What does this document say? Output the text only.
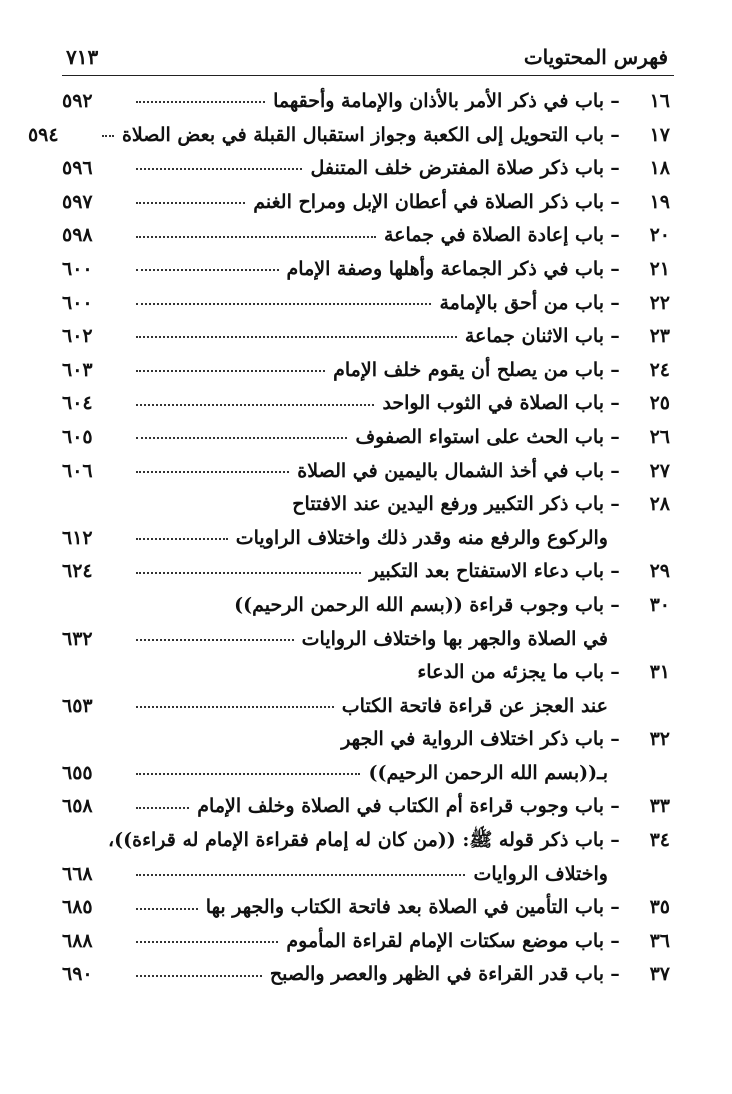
فهرس المحتويات
٧١٣
١٦
–
باب في ذكر الأمر بالأذان والإمامة وأحقهما
٥٩٢
١٧
–
باب التحويل إلى الكعبة وجواز استقبال القبلة في بعض الصلاة
٥٩٤
١٨
–
باب ذكر صلاة المفترض خلف المتنفل
٥٩٦
١٩
–
باب ذكر الصلاة في أعطان الإبل ومراح الغنم
٥٩٧
٢٠
–
باب إعادة الصلاة في جماعة
٥٩٨
٢١
–
باب في ذكر الجماعة وأهلها وصفة الإمام
٦٠٠
٢٢
–
باب من أحق بالإمامة
٦٠٠
٢٣
–
باب الاثنان جماعة
٦٠٢
٢٤
–
باب من يصلح أن يقوم خلف الإمام
٦٠٣
٢٥
–
باب الصلاة في الثوب الواحد
٦٠٤
٢٦
–
باب الحث على استواء الصفوف
٦٠٥
٢٧
–
باب في أخذ الشمال باليمين في الصلاة
٦٠٦
٢٨
–
باب ذكر التكبير ورفع اليدين عند الافتتاح
والركوع والرفع منه وقدر ذلك واختلاف الراويات
٦١٢
٢٩
–
باب دعاء الاستفتاح بعد التكبير
٦٢٤
٣٠
–
باب وجوب قراءة ((بسم الله الرحمن الرحيم))
في الصلاة والجهر بها واختلاف الروايات
٦٣٢
٣١
–
باب ما يجزئه من الدعاء
عند العجز عن قراءة فاتحة الكتاب
٦٥٣
٣٢
–
باب ذكر اختلاف الرواية في الجهر
بـ((بسم الله الرحمن الرحيم))
٦٥٥
٣٣
–
باب وجوب قراءة أم الكتاب في الصلاة وخلف الإمام
٦٥٨
٣٤
–
باب ذكر قوله ﷺ: ((من كان له إمام فقراءة الإمام له قراءة))،
واختلاف الروايات
٦٦٨
٣٥
–
باب التأمين في الصلاة بعد فاتحة الكتاب والجهر بها
٦٨٥
٣٦
–
باب موضع سكتات الإمام لقراءة المأموم
٦٨٨
٣٧
–
باب قدر القراءة في الظهر والعصر والصبح
٦٩٠
